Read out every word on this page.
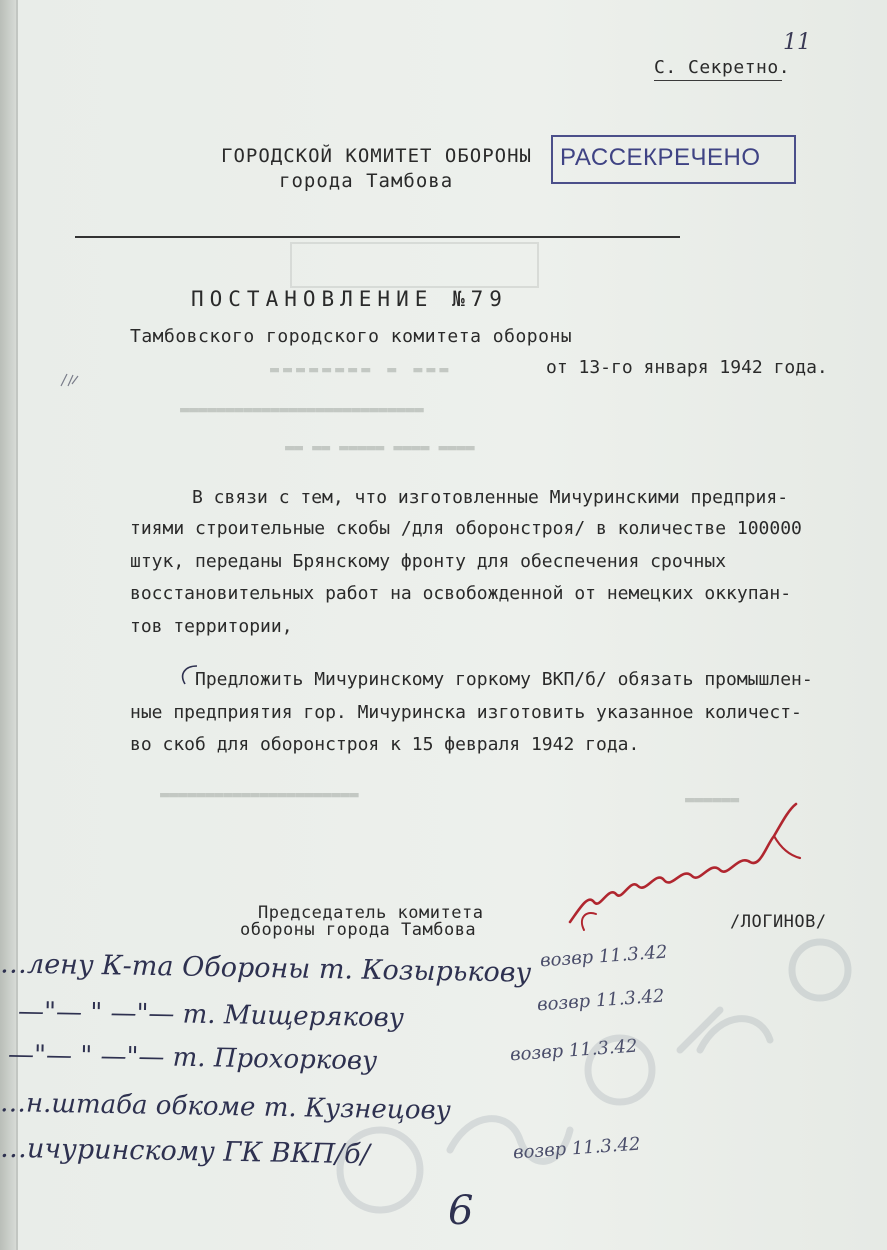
▬▬▬▬▬▬▬▬ ▬ ▬▬▬
▬▬▬▬▬▬▬▬▬▬▬▬▬▬▬▬▬▬▬▬▬▬▬▬▬▬▬
▬▬ ▬▬ ▬▬▬▬▬ ▬▬▬▬ ▬▬▬▬
▬▬▬▬▬▬▬▬▬▬▬▬▬▬▬▬▬▬▬▬▬▬	▬▬▬▬▬▬
11
С. Секретно.
ГОРОДСКОЙ КОМИТЕТ ОБОРОНЫ
города Тамбова
РАССЕКРЕЧЕНО
ПОСТАНОВЛЕНИЕ №79
Тамбовского городского комитета обороны
от 13-го января 1942 года.
В связи с тем, что изготовленные Мичуринскими предприя-
тиями строительные скобы /для оборонстроя/ в количестве 100000
штук, переданы Брянскому фронту для обеспечения срочных
восстановительных работ на освобожденной от немецких оккупан-
тов территории,
Предложить Мичуринскому горкому ВКП/б/ обязать промышлен-
ные предприятия гор. Мичуринска изготовить указанное количест-
во скоб для оборонстроя к 15 февраля 1942 года.
Председатель комитета
обороны города Тамбова	/ЛОГИНОВ/
…ленy К-та Обороны т. Козырькову
—"— " —"— т. Мищерякову
—"— " —"— т. Прохоркову
…н.штаба обкоме т. Кузнецову
…ичуринскому ГК ВКП/б/
возвр 11.3.42
возвр 11.3.42
возвр 11.3.42
возвр 11.3.42
6
